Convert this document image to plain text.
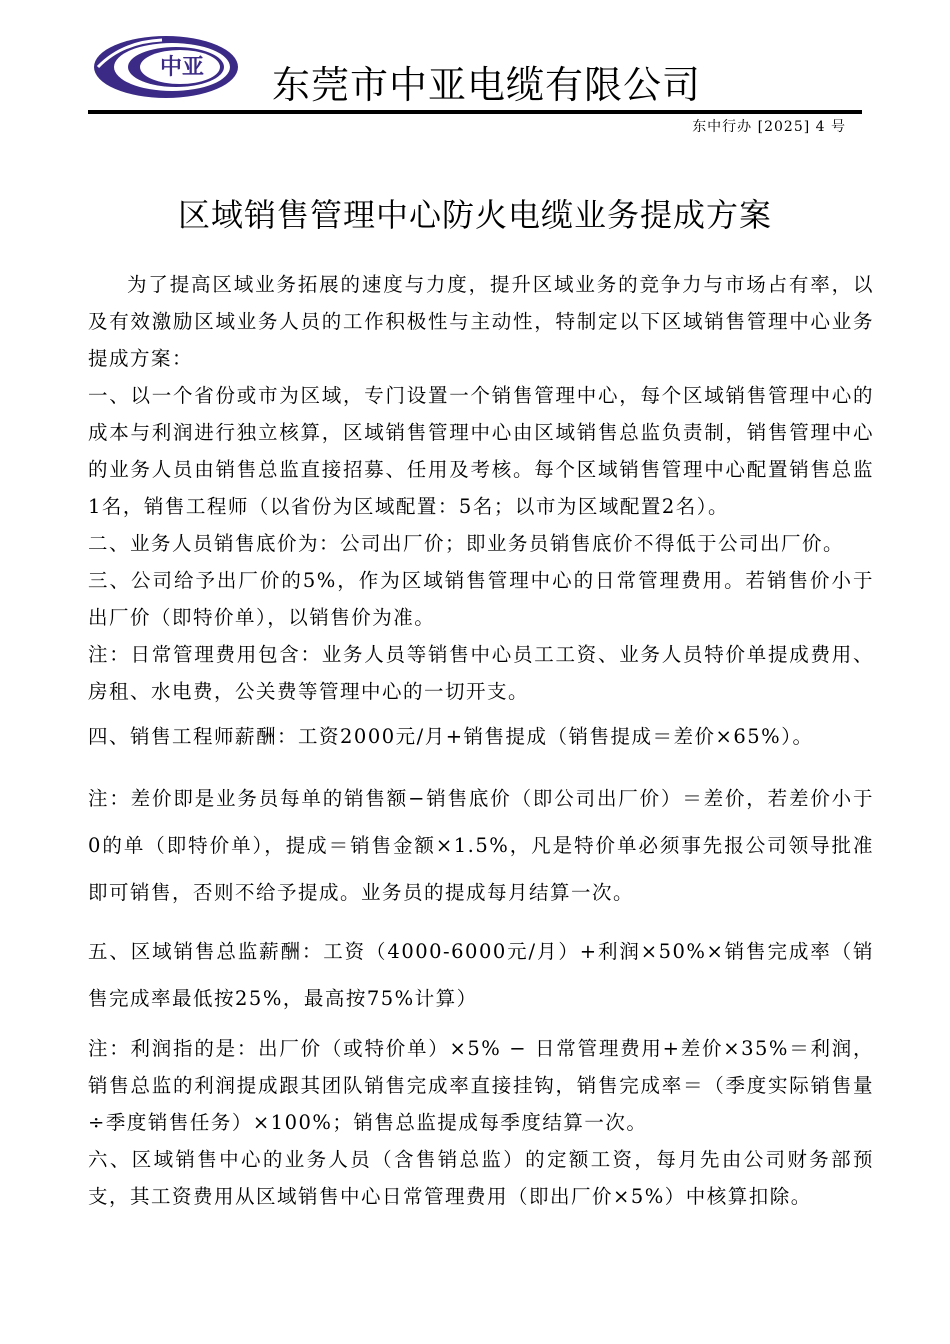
中亚 东莞市中亚电缆有限公司
东中行办 [2025] 4 号
区域销售管理中心防火电缆业务提成方案

为了提高区域业务拓展的速度与力度，提升区域业务的竞争力与市场占有率，以及有效激励区域业务人员的工作积极性与主动性，特制定以下区域销售管理中心业务提成方案：

一、以一个省份或市为区域，专门设置一个销售管理中心，每个区域销售管理中心的成本与利润进行独立核算，区域销售管理中心由区域销售总监负责制，销售管理中心的业务人员由销售总监直接招募、任用及考核。每个区域销售管理中心配置销售总监1名，销售工程师（以省份为区域配置：5名；以市为区域配置2名）。

二、业务人员销售底价为：公司出厂价；即业务员销售底价不得低于公司出厂价。

三、公司给予出厂价的5%，作为区域销售管理中心的日常管理费用。若销售价小于出厂价（即特价单），以销售价为准。

注：日常管理费用包含：业务人员等销售中心员工工资、业务人员特价单提成费用、房租、水电费，公关费等管理中心的一切开支。

四、销售工程师薪酬：工资2000元/月+销售提成（销售提成＝差价×65%）。

注：差价即是业务员每单的销售额−销售底价（即公司出厂价）＝差价，若差价小于0的单（即特价单），提成＝销售金额×1.5%，凡是特价单必须事先报公司领导批准即可销售，否则不给予提成。业务员的提成每月结算一次。

五、区域销售总监薪酬：工资（4000-6000元/月）+利润×50%×销售完成率（销售完成率最低按25%，最高按75%计算）

注：利润指的是：出厂价（或特价单）×5% − 日常管理费用+差价×35%＝利润，销售总监的利润提成跟其团队销售完成率直接挂钩，销售完成率＝（季度实际销售量÷季度销售任务）×100%；销售总监提成每季度结算一次。

六、区域销售中心的业务人员（含售销总监）的定额工资，每月先由公司财务部预支，其工资费用从区域销售中心日常管理费用（即出厂价×5%）中核算扣除。
